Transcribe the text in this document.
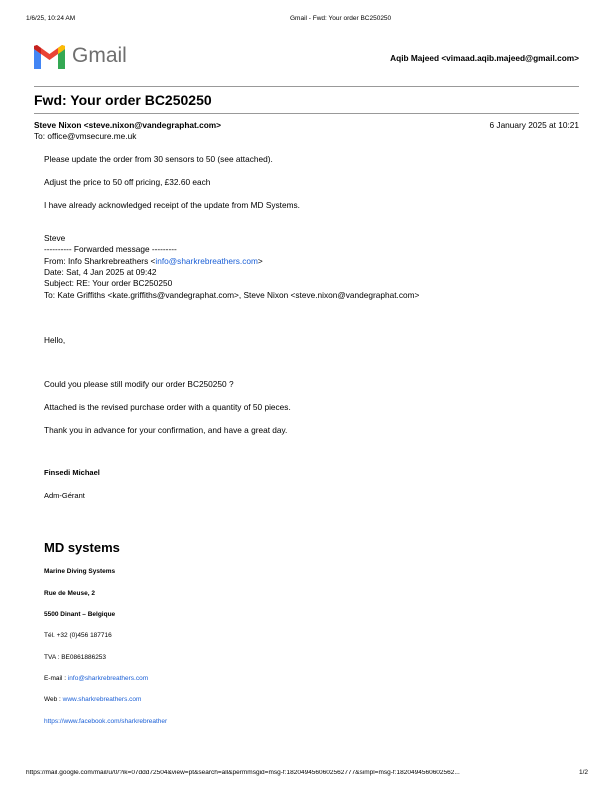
1/6/25, 10:24 AM	Gmail - Fwd: Your order BC250250
Gmail	Aqib Majeed <vimaad.aqib.majeed@gmail.com>
Fwd: Your order BC250250
Steve Nixon <steve.nixon@vandegraphat.com>	6 January 2025 at 10:21
To: office@vmsecure.me.uk
Please update the order from 30 sensors to 50 (see attached).
Adjust the price to 50 off pricing, £32.60 each
I have already acknowledged receipt of the update from MD Systems.
Steve
---------- Forwarded message ---------
From: Info Sharkrebreathers <info@sharkrebreathers.com>
Date: Sat, 4 Jan 2025 at 09:42
Subject: RE: Your order BC250250
To: Kate Griffiths <kate.griffiths@vandegraphat.com>, Steve Nixon <steve.nixon@vandegraphat.com>
Hello,
Could you please still modify our order BC250250 ?
Attached is the revised purchase order with a quantity of 50 pieces.
Thank you in advance for your confirmation, and have a great day.
Finsedi Michael
Adm-Gérant
MD systems
Marine Diving Systems
Rue de Meuse, 2
5500 Dinant – Belgique
Tél. +32 (0)456 187716
TVA : BE0861886253
E-mail : info@sharkrebreathers.com
Web : www.sharkrebreathers.com
https://www.facebook.com/sharkrebreather
https://mail.google.com/mail/u/0/?ik=07ddd72504&view=pt&search=all&permmsgid=msg-f:1820494560602562777&simpl=msg-f:1820494560602562...	1/2
